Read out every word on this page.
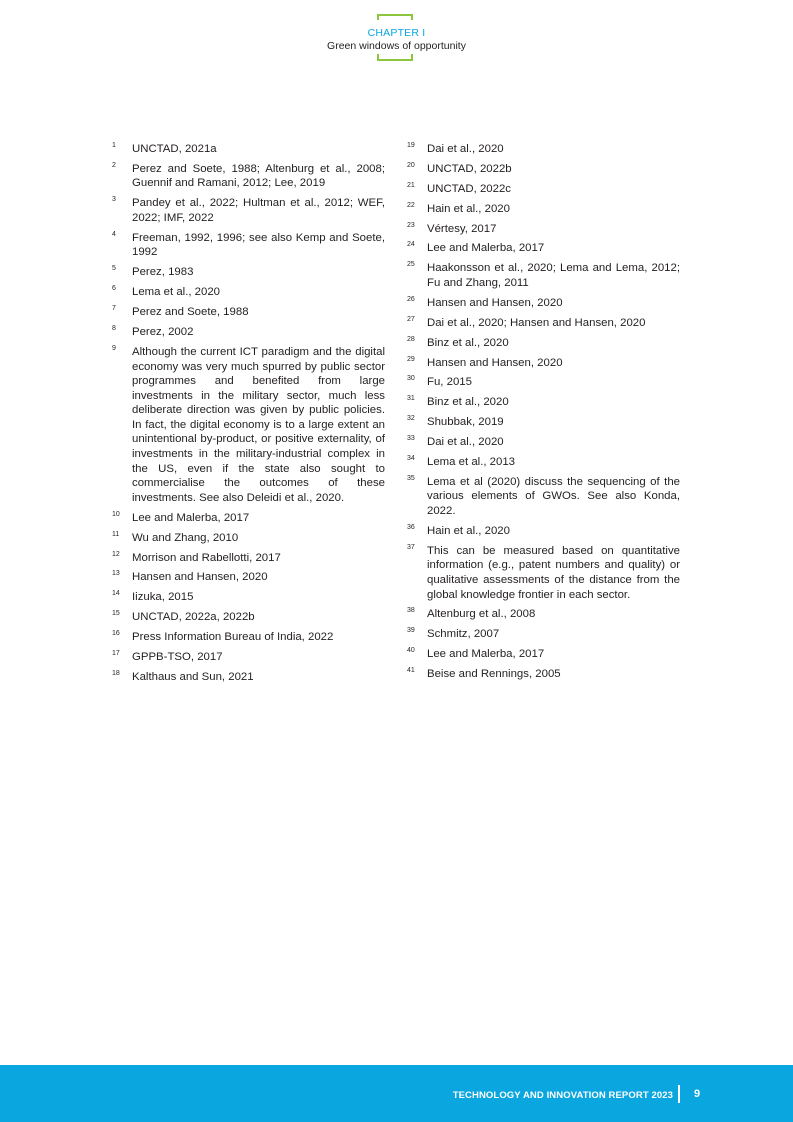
CHAPTER I
Green windows of opportunity
1 UNCTAD, 2021a
2 Perez and Soete, 1988; Altenburg et al., 2008; Guennif and Ramani, 2012; Lee, 2019
3 Pandey et al., 2022; Hultman et al., 2012; WEF, 2022; IMF, 2022
4 Freeman, 1992, 1996; see also Kemp and Soete, 1992
5 Perez, 1983
6 Lema et al., 2020
7 Perez and Soete, 1988
8 Perez, 2002
9 Although the current ICT paradigm and the digital economy was very much spurred by public sector programmes and benefited from large investments in the military sector, much less deliberate direction was given by public policies. In fact, the digital economy is to a large extent an unintentional by-product, or positive externality, of investments in the military-industrial complex in the US, even if the state also sought to commercialise the outcomes of these investments. See also Deleidi et al., 2020.
10 Lee and Malerba, 2017
11 Wu and Zhang, 2010
12 Morrison and Rabellotti, 2017
13 Hansen and Hansen, 2020
14 Iizuka, 2015
15 UNCTAD, 2022a, 2022b
16 Press Information Bureau of India, 2022
17 GPPB-TSO, 2017
18 Kalthaus and Sun, 2021
19 Dai et al., 2020
20 UNCTAD, 2022b
21 UNCTAD, 2022c
22 Hain et al., 2020
23 Vértesy, 2017
24 Lee and Malerba, 2017
25 Haakonsson et al., 2020; Lema and Lema, 2012; Fu and Zhang, 2011
26 Hansen and Hansen, 2020
27 Dai et al., 2020; Hansen and Hansen, 2020
28 Binz et al., 2020
29 Hansen and Hansen, 2020
30 Fu, 2015
31 Binz et al., 2020
32 Shubbak, 2019
33 Dai et al., 2020
34 Lema et al., 2013
35 Lema et al (2020) discuss the sequencing of the various elements of GWOs. See also Konda, 2022.
36 Hain et al., 2020
37 This can be measured based on quantitative information (e.g., patent numbers and quality) or qualitative assessments of the distance from the global knowledge frontier in each sector.
38 Altenburg et al., 2008
39 Schmitz, 2007
40 Lee and Malerba, 2017
41 Beise and Rennings, 2005
TECHNOLOGY AND INNOVATION REPORT 2023 9
